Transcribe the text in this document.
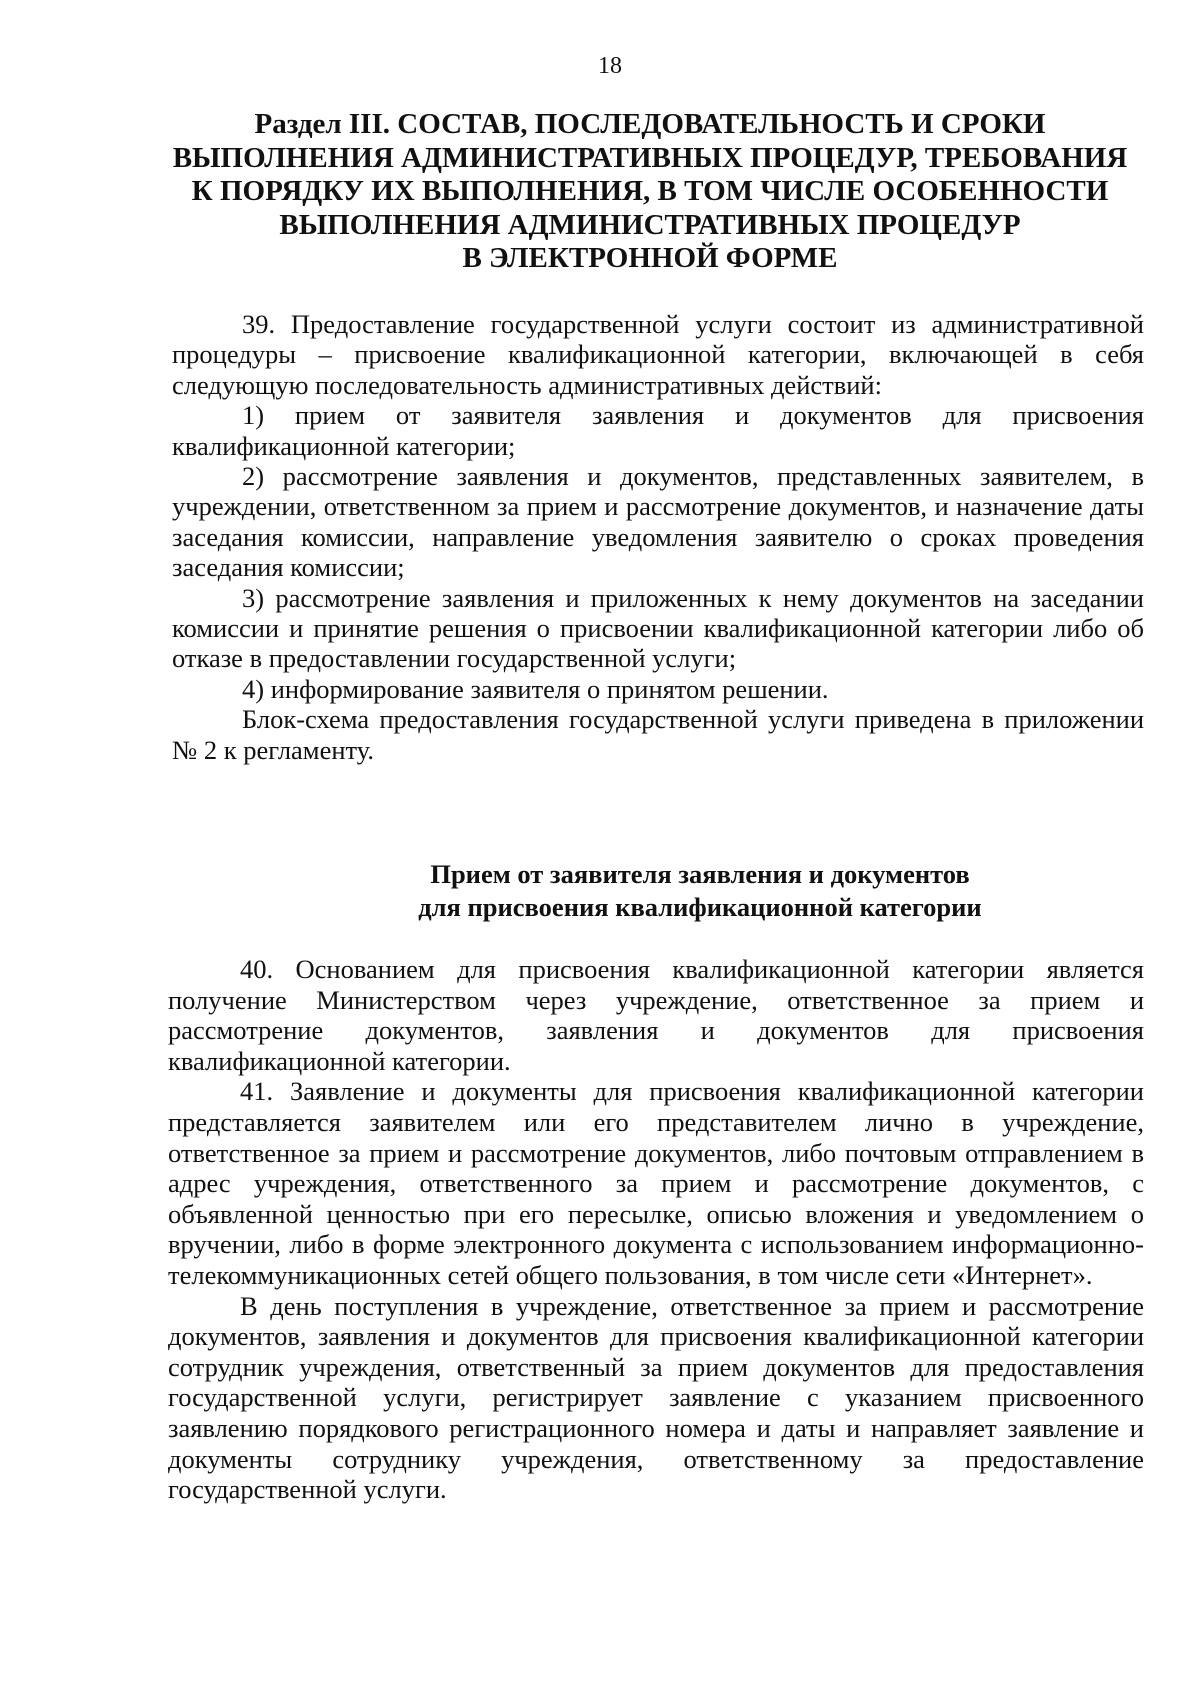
18
Раздел III. СОСТАВ, ПОСЛЕДОВАТЕЛЬНОСТЬ И СРОКИ
ВЫПОЛНЕНИЯ АДМИНИСТРАТИВНЫХ ПРОЦЕДУР, ТРЕБОВАНИЯ
К ПОРЯДКУ ИХ ВЫПОЛНЕНИЯ, В ТОМ ЧИСЛЕ ОСОБЕННОСТИ
ВЫПОЛНЕНИЯ АДМИНИСТРАТИВНЫХ ПРОЦЕДУР
В ЭЛЕКТРОННОЙ ФОРМЕ

39. Предоставление государственной услуги состоит из административной процедуры – присвоение квалификационной категории, включающей в себя следующую последовательность административных действий:

1) прием от заявителя заявления и документов для присвоения квалификационной категории;

2) рассмотрение заявления и документов, представленных заявителем, в учреждении, ответственном за прием и рассмотрение документов, и назначение даты заседания комиссии, направление уведомления заявителю о сроках проведения заседания комиссии;

3) рассмотрение заявления и приложенных к нему документов на заседании комиссии и принятие решения о присвоении квалификационной категории либо об отказе в предоставлении государственной услуги;

4) информирование заявителя о принятом решении.

Блок-схема предоставления государственной услуги приведена в приложении № 2 к регламенту.

Прием от заявителя заявления и документов
для присвоения квалификационной категории

40. Основанием для присвоения квалификационной категории является получение Министерством через учреждение, ответственное за прием и рассмотрение документов, заявления и документов для присвоения квалификационной категории.

41. Заявление и документы для присвоения квалификационной категории представляется заявителем или его представителем лично в учреждение, ответственное за прием и рассмотрение документов, либо почтовым отправлением в адрес учреждения, ответственного за прием и рассмотрение документов, с объявленной ценностью при его пересылке, описью вложения и уведомлением о вручении, либо в форме электронного документа с использованием информационно-телекоммуникационных сетей общего пользования, в том числе сети «Интернет».

В день поступления в учреждение, ответственное за прием и рассмотрение документов, заявления и документов для присвоения квалификационной категории сотрудник учреждения, ответственный за прием документов для предоставления государственной услуги, регистрирует заявление с указанием присвоенного заявлению порядкового регистрационного номера и даты и направляет заявление и документы сотруднику учреждения, ответственному за предоставление государственной услуги.
